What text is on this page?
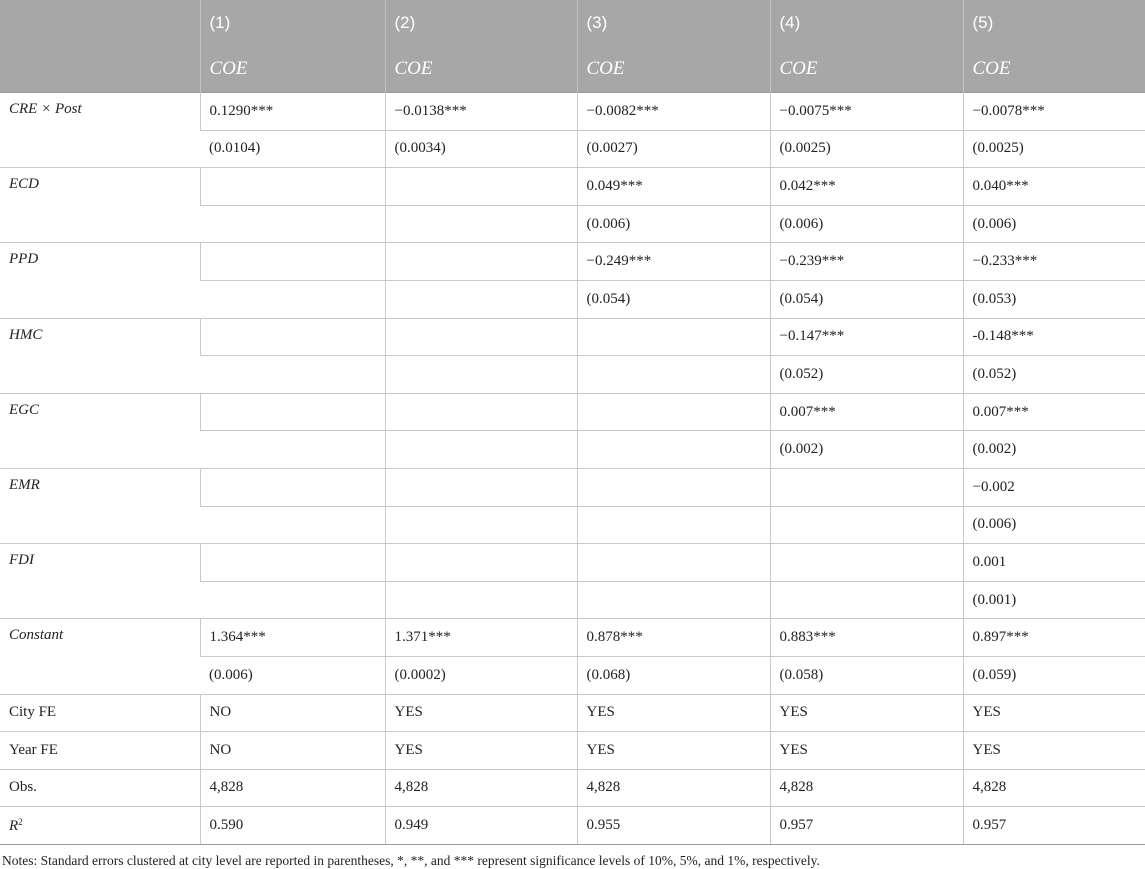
	(1)	(2)	(3)	(4)	(5)
	COE	COE	COE	COE	COE
CRE × Post	0.1290***	−0.0138***	−0.0082***	−0.0075***	−0.0078***
	(0.0104)	(0.0034)	(0.0027)	(0.0025)	(0.0025)
ECD			0.049***	0.042***	0.040***
			(0.006)	(0.006)	(0.006)
PPD			−0.249***	−0.239***	−0.233***
			(0.054)	(0.054)	(0.053)
HMC				−0.147***	-0.148***
				(0.052)	(0.052)
EGC				0.007***	0.007***
				(0.002)	(0.002)
EMR					−0.002
					(0.006)
FDI					0.001
					(0.001)
Constant	1.364***	1.371***	0.878***	0.883***	0.897***
	(0.006)	(0.0002)	(0.068)	(0.058)	(0.059)
City FE	NO	YES	YES	YES	YES
Year FE	NO	YES	YES	YES	YES
Obs.	4,828	4,828	4,828	4,828	4,828
$R^2$	0.590	0.949	0.955	0.957	0.957
Notes: Standard errors clustered at city level are reported in parentheses, *, **, and *** represent significance levels of 10%, 5%, and 1%, respectively.
